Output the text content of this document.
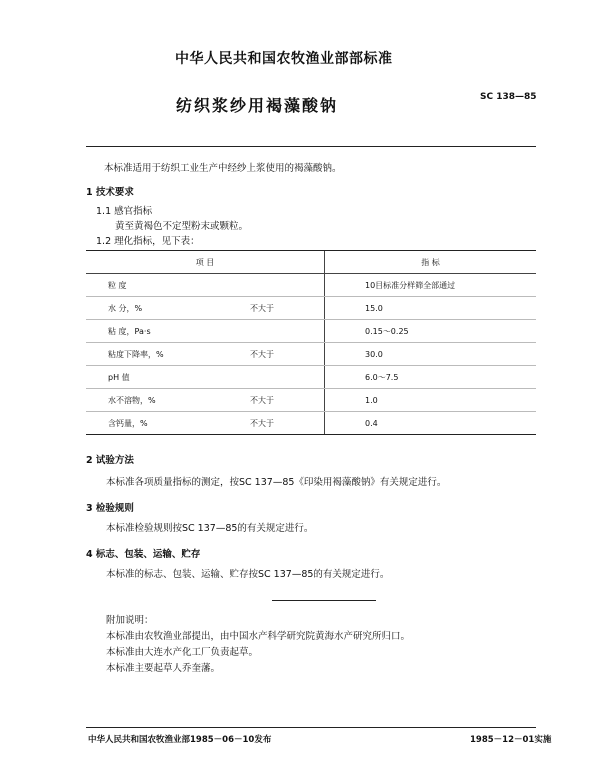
中华人民共和国农牧渔业部部标准
纺织浆纱用褐藻酸钠	SC 138—85
本标准适用于纺织工业生产中经纱上浆使用的褐藻酸钠。
1 技术要求
1.1 感官指标
黄至黄褐色不定型粉末或颗粒。
1.2 理化指标，见下表：
项 目		指 标
粒 度		10目标准分样筛全部通过
水 分，%	不大于	15.0
粘 度，Pa·s		0.15～0.25
粘度下降率，%	不大于	30.0
pH 值		6.0～7.5
水不溶物，%	不大于	1.0
含钙量，%	不大于	0.4
2 试验方法
本标准各项质量指标的测定，按SC 137—85《印染用褐藻酸钠》有关规定进行。
3 检验规则
本标准检验规则按SC 137—85的有关规定进行。
4 标志、包装、运输、贮存
本标准的标志、包装、运输、贮存按SC 137—85的有关规定进行。
附加说明：
本标准由农牧渔业部提出，由中国水产科学研究院黄海水产研究所归口。
本标准由大连水产化工厂负责起草。
本标准主要起草人乔奎藩。
中华人民共和国农牧渔业部1985－06－10发布	1985－12－01实施
